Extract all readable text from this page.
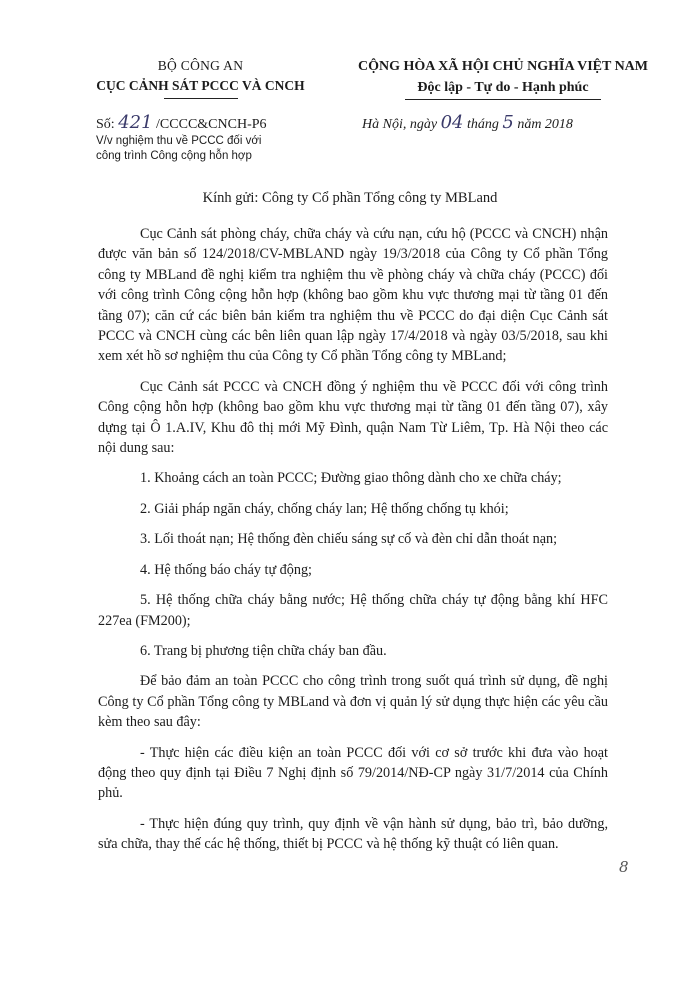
BỘ CÔNG AN
CỤC CẢNH SÁT PCCC VÀ CNCH
CỘNG HÒA XÃ HỘI CHỦ NGHĨA VIỆT NAM
Độc lập - Tự do - Hạnh phúc
Số: 421 /CCCC&CNCH-P6
V/v nghiệm thu về PCCC đối với
công trình Công cộng hỗn hợp
Hà Nội, ngày 04 tháng 5 năm 2018
Kính gửi: Công ty Cổ phần Tổng công ty MBLand

Cục Cảnh sát phòng cháy, chữa cháy và cứu nạn, cứu hộ (PCCC và CNCH) nhận được văn bản số 124/2018/CV-MBLAND ngày 19/3/2018 của Công ty Cổ phần Tổng công ty MBLand đề nghị kiểm tra nghiệm thu về phòng cháy và chữa cháy (PCCC) đối với công trình Công cộng hỗn hợp (không bao gồm khu vực thương mại từ tầng 01 đến tầng 07); căn cứ các biên bản kiểm tra nghiệm thu về PCCC do đại diện Cục Cảnh sát PCCC và CNCH cùng các bên liên quan lập ngày 17/4/2018 và ngày 03/5/2018, sau khi xem xét hồ sơ nghiệm thu của Công ty Cổ phần Tổng công ty MBLand;

Cục Cảnh sát PCCC và CNCH đồng ý nghiệm thu về PCCC đối với công trình Công cộng hỗn hợp (không bao gồm khu vực thương mại từ tầng 01 đến tầng 07), xây dựng tại Ô 1.A.IV, Khu đô thị mới Mỹ Đình, quận Nam Từ Liêm, Tp. Hà Nội theo các nội dung sau:

1. Khoảng cách an toàn PCCC; Đường giao thông dành cho xe chữa cháy;

2. Giải pháp ngăn cháy, chống cháy lan; Hệ thống chống tụ khói;

3. Lối thoát nạn; Hệ thống đèn chiếu sáng sự cố và đèn chỉ dẫn thoát nạn;

4. Hệ thống báo cháy tự động;

5. Hệ thống chữa cháy bằng nước; Hệ thống chữa cháy tự động bằng khí HFC 227ea (FM200);

6. Trang bị phương tiện chữa cháy ban đầu.

Để bảo đảm an toàn PCCC cho công trình trong suốt quá trình sử dụng, đề nghị Công ty Cổ phần Tổng công ty MBLand và đơn vị quản lý sử dụng thực hiện các yêu cầu kèm theo sau đây:

- Thực hiện các điều kiện an toàn PCCC đối với cơ sở trước khi đưa vào hoạt động theo quy định tại Điều 7 Nghị định số 79/2014/NĐ-CP ngày 31/7/2014 của Chính phủ.

- Thực hiện đúng quy trình, quy định về vận hành sử dụng, bảo trì, bảo dưỡng, sửa chữa, thay thế các hệ thống, thiết bị PCCC và hệ thống kỹ thuật có liên quan.

8
